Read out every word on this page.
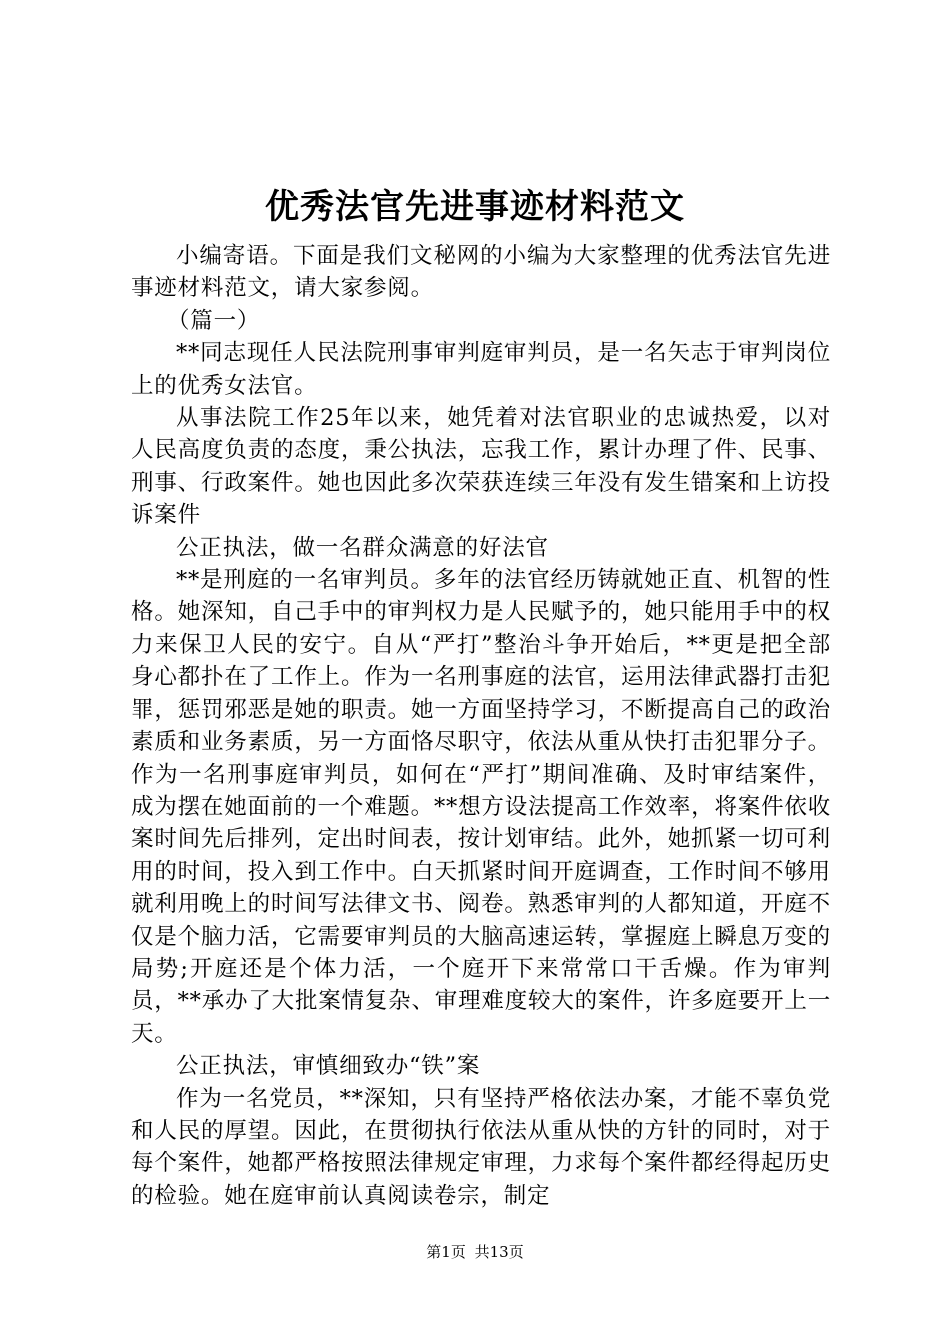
优秀法官先进事迹材料范文

小编寄语。下面是我们文秘网的小编为大家整理的优秀法官先进事迹材料范文，请大家参阅。

（篇一）

**同志现任人民法院刑事审判庭审判员，是一名矢志于审判岗位上的优秀女法官。

从事法院工作25年以来，她凭着对法官职业的忠诚热爱，以对人民高度负责的态度，秉公执法，忘我工作，累计办理了件、民事、刑事、行政案件。她也因此多次荣获连续三年没有发生错案和上访投诉案件

公正执法，做一名群众满意的好法官

**是刑庭的一名审判员。多年的法官经历铸就她正直、机智的性格。她深知，自己手中的审判权力是人民赋予的，她只能用手中的权力来保卫人民的安宁。自从“严打”整治斗争开始后，**更是把全部身心都扑在了工作上。作为一名刑事庭的法官，运用法律武器打击犯罪，惩罚邪恶是她的职责。她一方面坚持学习，不断提高自己的政治素质和业务素质，另一方面恪尽职守，依法从重从快打击犯罪分子。作为一名刑事庭审判员，如何在“严打”期间准确、及时审结案件，成为摆在她面前的一个难题。**想方设法提高工作效率，将案件依收案时间先后排列，定出时间表，按计划审结。此外，她抓紧一切可利用的时间，投入到工作中。白天抓紧时间开庭调查，工作时间不够用就利用晚上的时间写法律文书、阅卷。熟悉审判的人都知道，开庭不仅是个脑力活，它需要审判员的大脑高速运转，掌握庭上瞬息万变的局势;开庭还是个体力活，一个庭开下来常常口干舌燥。作为审判员，**承办了大批案情复杂、审理难度较大的案件，许多庭要开上一天。

公正执法，审慎细致办“铁”案

作为一名党员，**深知，只有坚持严格依法办案，才能不辜负党和人民的厚望。因此，在贯彻执行依法从重从快的方针的同时，对于每个案件，她都严格按照法律规定审理，力求每个案件都经得起历史的检验。她在庭审前认真阅读卷宗，制定

第1页 共13页
